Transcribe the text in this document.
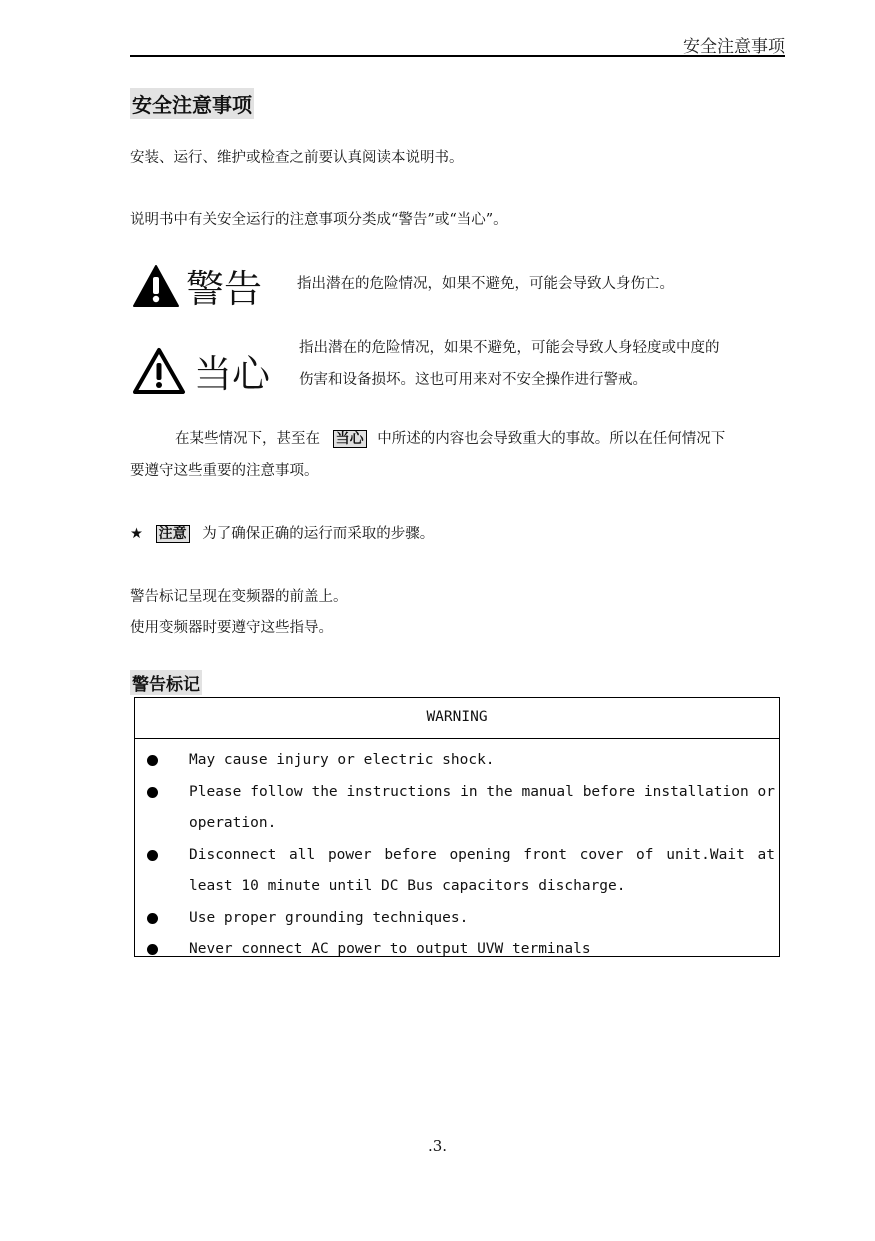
安全注意事项
安全注意事项
安装、运行、维护或检查之前要认真阅读本说明书。
说明书中有关安全运行的注意事项分类成“警告”或“当心”。
警告 指出潜在的危险情况，如果不避免，可能会导致人身伤亡。
当心
指出潜在的危险情况，如果不避免，可能会导致人身轻度或中度的
伤害和设备损坏。这也可用来对不安全操作进行警戒。
在某些情况下，甚至在 当心 中所述的内容也会导致重大的事故。所以在任何情况下
要遵守这些重要的注意事项。
★ 注意 为了确保正确的运行而采取的步骤。
警告标记呈现在变频器的前盖上。
使用变频器时要遵守这些指导。
警告标记
WARNING
May cause injury or electric shock.
Please follow the instructions in the manual before installation or operation.
Disconnect all power before opening front cover of unit.Wait at least 10 minute until DC Bus capacitors discharge.
Use proper grounding techniques.
Never connect AC power to output UVW terminals
.3.
